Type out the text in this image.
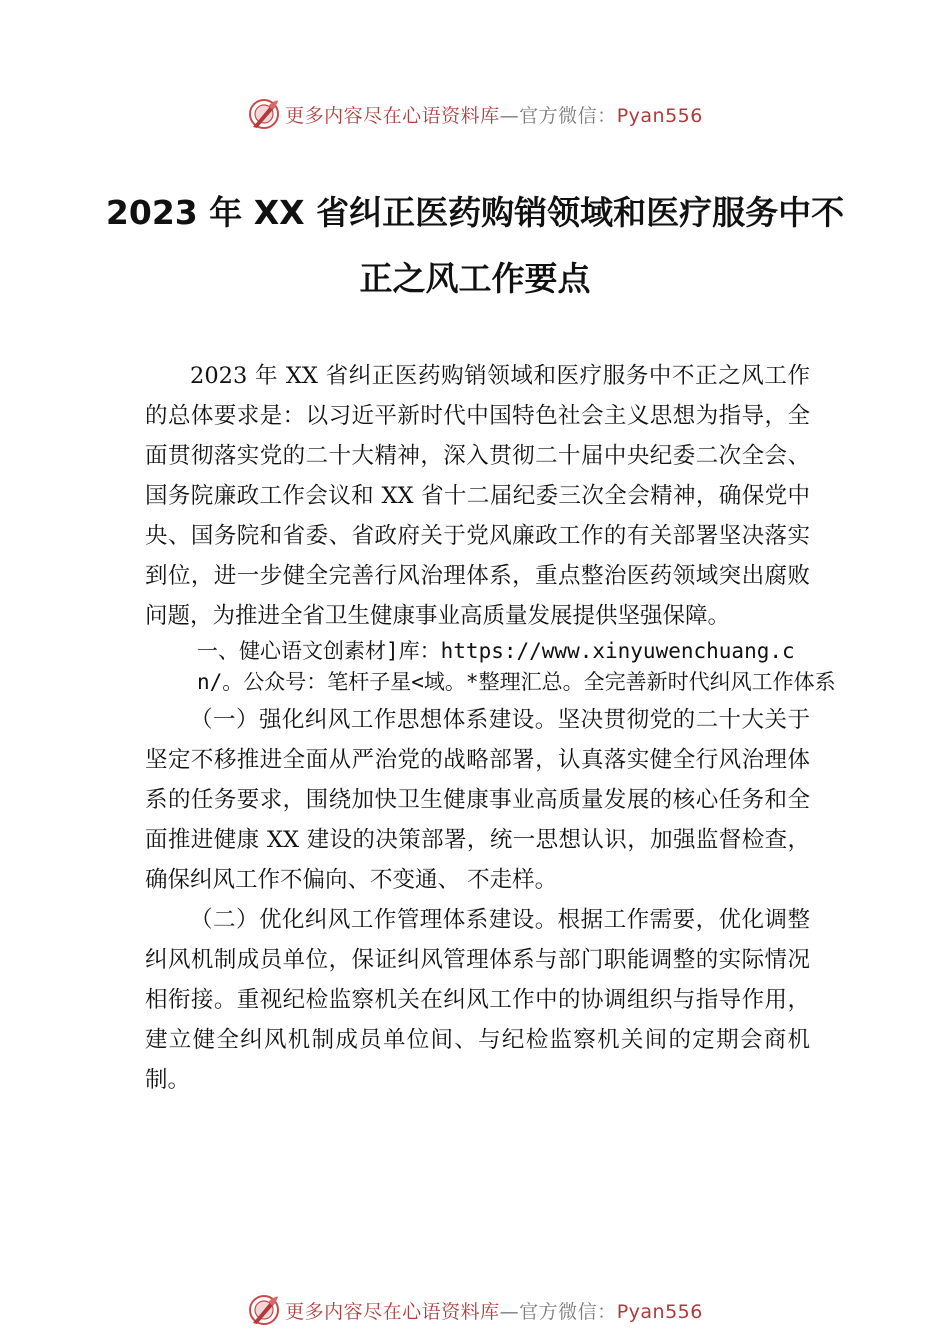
更多内容尽在心语资料库—官方微信：Pyan556
2023 年 XX 省纠正医药购销领域和医疗服务中不正之风工作要点

2023 年 XX 省纠正医药购销领域和医疗服务中不正之风工作的总体要求是：以习近平新时代中国特色社会主义思想为指导，全面贯彻落实党的二十大精神，深入贯彻二十届中央纪委二次全会、国务院廉政工作会议和 XX 省十二届纪委三次全会精神，确保党中央、国务院和省委、省政府关于党风廉政工作的有关部署坚决落实到位，进一步健全完善行风治理体系，重点整治医药领域突出腐败问题，为推进全省卫生健康事业高质量发展提供坚强保障。

一、健心语文创素材]库：https://www.xinyuwenchuang.cn/。公众号：笔杆子星<域。*整理汇总。全完善新时代纠风工作体系

（一）强化纠风工作思想体系建设。坚决贯彻党的二十大关于坚定不移推进全面从严治党的战略部署，认真落实健全行风治理体系的任务要求，围绕加快卫生健康事业高质量发展的核心任务和全面推进健康 XX 建设的决策部署，统一思想认识，加强监督检查，确保纠风工作不偏向、不变通、 不走样。

（二）优化纠风工作管理体系建设。根据工作需要，优化调整纠风机制成员单位，保证纠风管理体系与部门职能调整的实际情况相衔接。重视纪检监察机关在纠风工作中的协调组织与指导作用，建立健全纠风机制成员单位间、与纪检监察机关间的定期会商机制。

更多内容尽在心语资料库—官方微信：Pyan556
